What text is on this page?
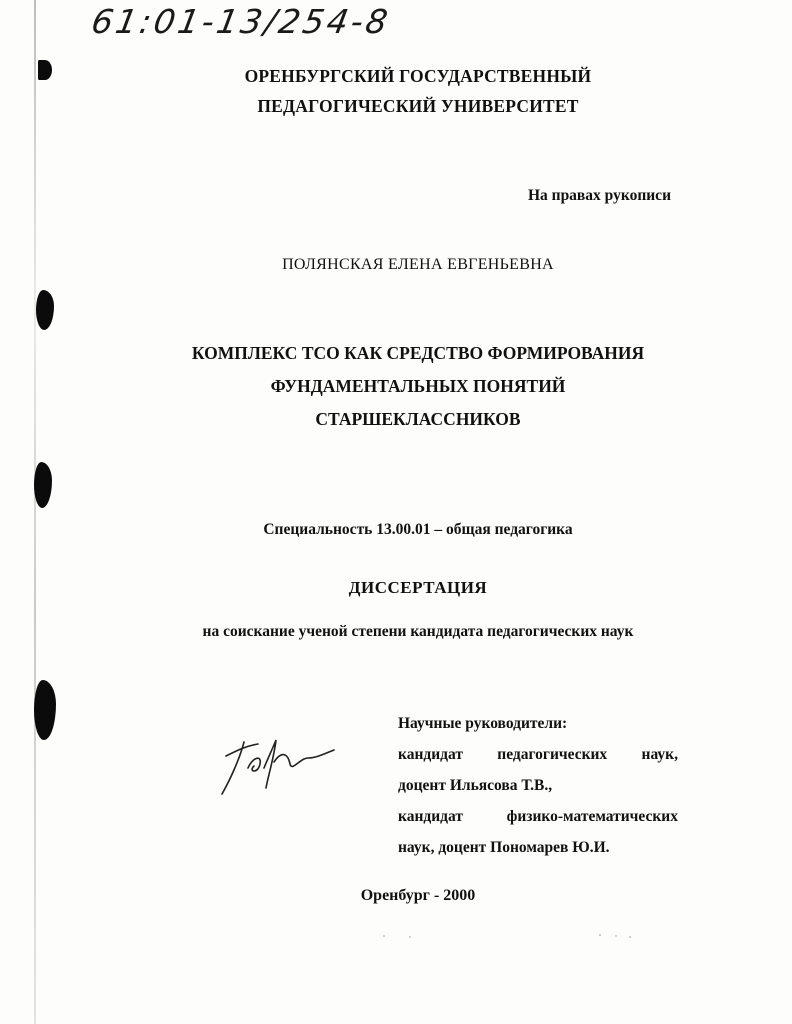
61:01-13/254-8
ОРЕНБУРГСКИЙ ГОСУДАРСТВЕННЫЙ
ПЕДАГОГИЧЕСКИЙ УНИВЕРСИТЕТ
На правах рукописи
ПОЛЯНСКАЯ ЕЛЕНА ЕВГЕНЬЕВНА
КОМПЛЕКС ТСО КАК СРЕДСТВО ФОРМИРОВАНИЯ
ФУНДАМЕНТАЛЬНЫХ ПОНЯТИЙ
СТАРШЕКЛАССНИКОВ
Специальность 13.00.01 – общая педагогика
ДИССЕРТАЦИЯ
на соискание ученой степени кандидата педагогических наук
Научные руководители:
кандидат педагогических наук,
доцент Ильясова Т.В.,
кандидат физико-математических
наук, доцент Пономарев Ю.И.
Оренбург - 2000
